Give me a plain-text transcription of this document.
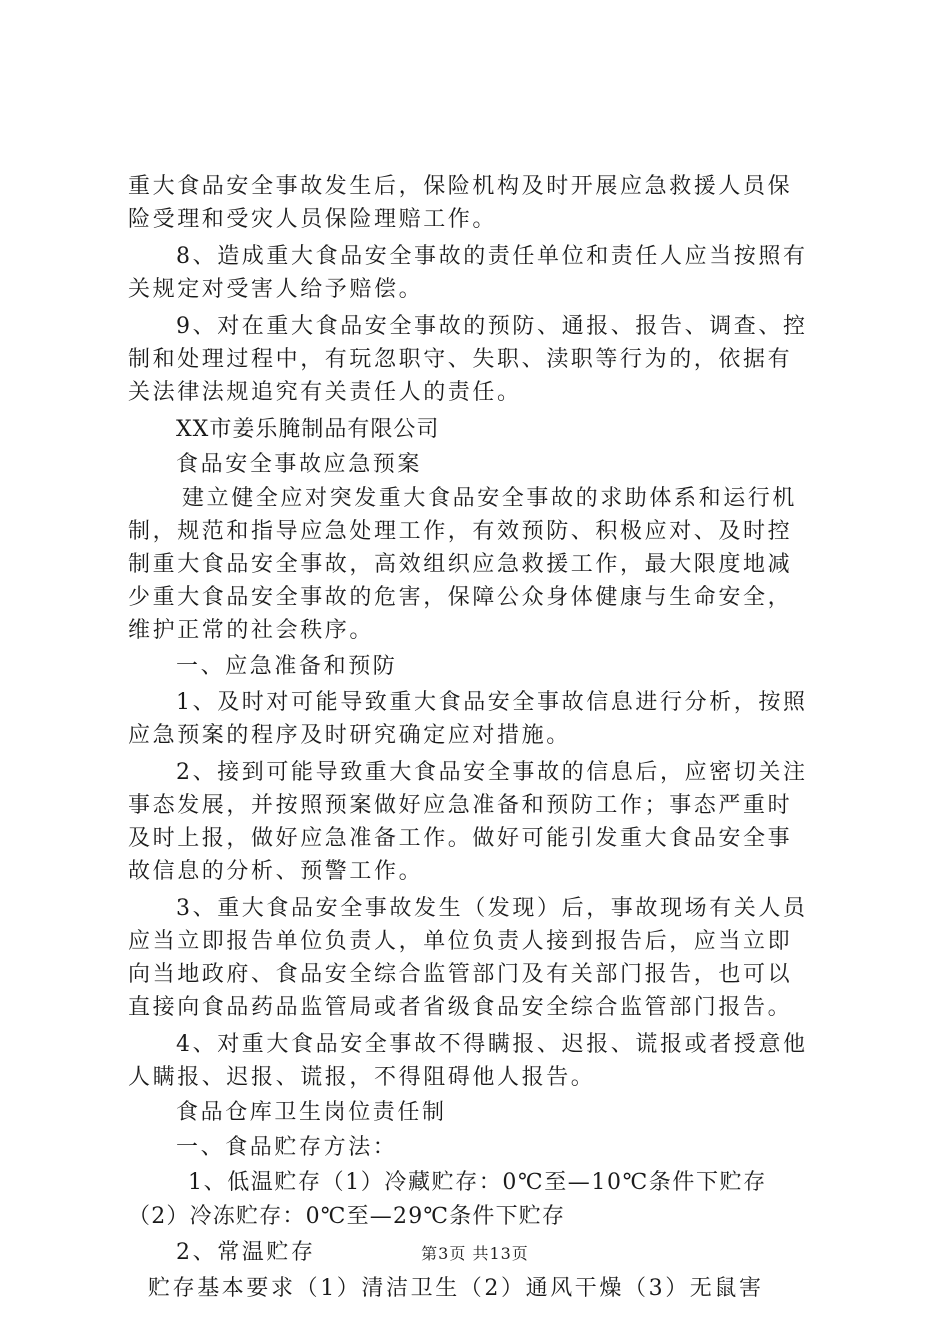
重大食品安全事故发生后，保险机构及时开展应急救援人员保
险受理和受灾人员保险理赔工作。
8、造成重大食品安全事故的责任单位和责任人应当按照有
关规定对受害人给予赔偿。
9、对在重大食品安全事故的预防、通报、报告、调查、控
制和处理过程中，有玩忽职守、失职、渎职等行为的，依据有
关法律法规追究有关责任人的责任。
XX市姜乐腌制品有限公司
食品安全事故应急预案
建立健全应对突发重大食品安全事故的求助体系和运行机
制，规范和指导应急处理工作，有效预防、积极应对、及时控
制重大食品安全事故，高效组织应急救援工作，最大限度地减
少重大食品安全事故的危害，保障公众身体健康与生命安全，
维护正常的社会秩序。
一、应急准备和预防
1、及时对可能导致重大食品安全事故信息进行分析，按照
应急预案的程序及时研究确定应对措施。
2、接到可能导致重大食品安全事故的信息后，应密切关注
事态发展，并按照预案做好应急准备和预防工作；事态严重时
及时上报，做好应急准备工作。做好可能引发重大食品安全事
故信息的分析、预警工作。
3、重大食品安全事故发生（发现）后，事故现场有关人员
应当立即报告单位负责人，单位负责人接到报告后，应当立即
向当地政府、食品安全综合监管部门及有关部门报告，也可以
直接向食品药品监管局或者省级食品安全综合监管部门报告。
4、对重大食品安全事故不得瞒报、迟报、谎报或者授意他
人瞒报、迟报、谎报，不得阻碍他人报告。
食品仓库卫生岗位责任制
一、食品贮存方法：
1、低温贮存（1）冷藏贮存：0℃至—10℃条件下贮存
（2）冷冻贮存：0℃至—29℃条件下贮存
2、常温贮存
贮存基本要求（1）清洁卫生（2）通风干燥（3）无鼠害
第3页 共13页
